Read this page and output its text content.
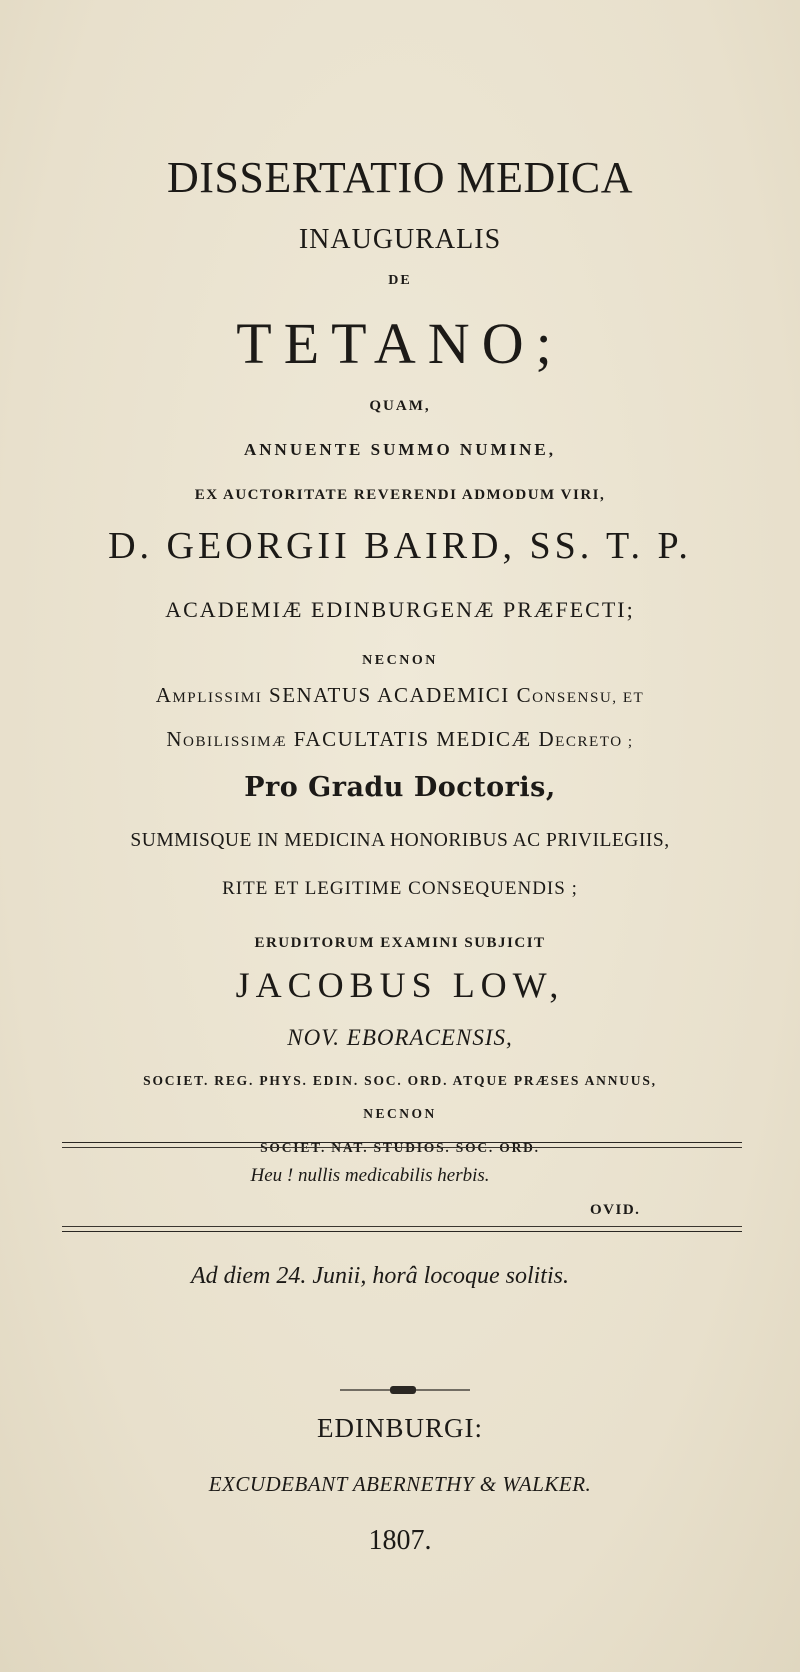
DISSERTATIO MEDICA
INAUGURALIS
DE
TETANO;
QUAM,
ANNUENTE SUMMO NUMINE,
EX AUCTORITATE REVERENDI ADMODUM VIRI,
D. GEORGII BAIRD, SS. T. P.
ACADEMIÆ EDINBURGENÆ PRÆFECTI;
NECNON
AMPLISSIMI SENATUS ACADEMICI CONSENSU, ET
NOBILISSIMÆ FACULTATIS MEDICÆ DECRETO ;
Pro Gradu Doctoris,
SUMMISQUE IN MEDICINA HONORIBUS AC PRIVILEGIIS,
RITE ET LEGITIME CONSEQUENDIS ;
ERUDITORUM EXAMINI SUBJICIT
JACOBUS LOW,
NOV. EBORACENSIS,
SOCIET. REG. PHYS. EDIN. SOC. ORD. ATQUE PRÆSES ANNUUS,
NECNON
SOCIET. NAT. STUDIOS. SOC. ORD.
Heu ! nullis medicabilis herbis.
OVID.
Ad diem 24. Junii, horâ locoque solitis.
EDINBURGI:
EXCUDEBANT ABERNETHY & WALKER.
1807.
